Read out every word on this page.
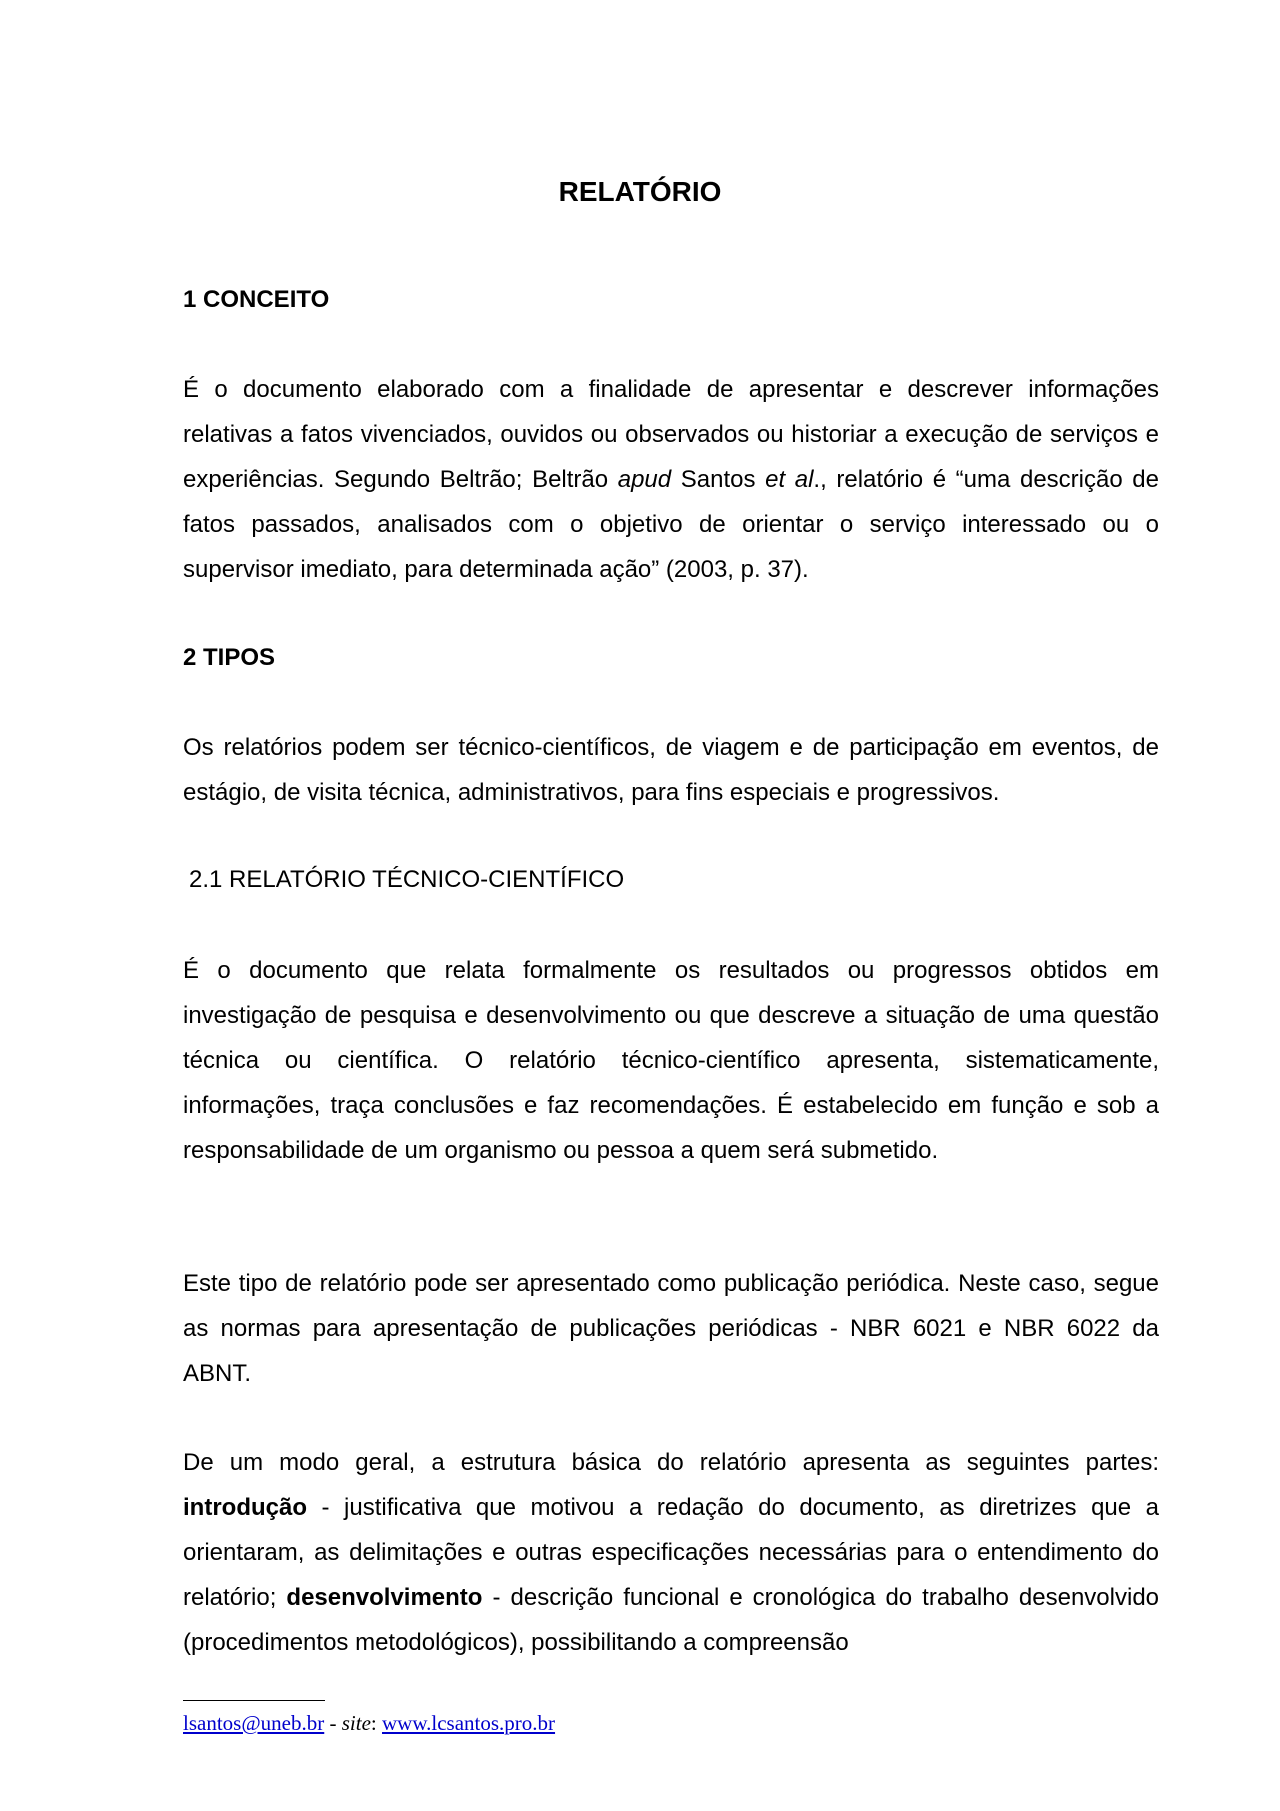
RELATÓRIO
1 CONCEITO

É o documento elaborado com a finalidade de apresentar e descrever informações relativas a fatos vivenciados, ouvidos ou observados ou historiar a execução de serviços e experiências. Segundo Beltrão; Beltrão apud Santos et al., relatório é “uma descrição de fatos passados, analisados com o objetivo de orientar o serviço interessado ou o supervisor imediato, para determinada ação” (2003, p. 37).

2 TIPOS

Os relatórios podem ser técnico-científicos, de viagem e de participação em eventos, de estágio, de visita técnica, administrativos, para fins especiais e progressivos.

2.1 RELATÓRIO TÉCNICO-CIENTÍFICO

É o documento que relata formalmente os resultados ou progressos obtidos em investigação de pesquisa e desenvolvimento ou que descreve a situação de uma questão técnica ou científica. O relatório técnico-científico apresenta, sistematicamente, informações, traça conclusões e faz recomendações. É estabelecido em função e sob a responsabilidade de um organismo ou pessoa a quem será submetido.

Este tipo de relatório pode ser apresentado como publicação periódica. Neste caso, segue as normas para apresentação de publicações periódicas - NBR 6021 e NBR 6022 da ABNT.

De um modo geral, a estrutura básica do relatório apresenta as seguintes partes: introdução - justificativa que motivou a redação do documento, as diretrizes que a orientaram, as delimitações e outras especificações necessárias para o entendimento do relatório; desenvolvimento - descrição funcional e cronológica do trabalho desenvolvido (procedimentos metodológicos), possibilitando a compreensão

lsantos@uneb.br - site: www.lcsantos.pro.br
